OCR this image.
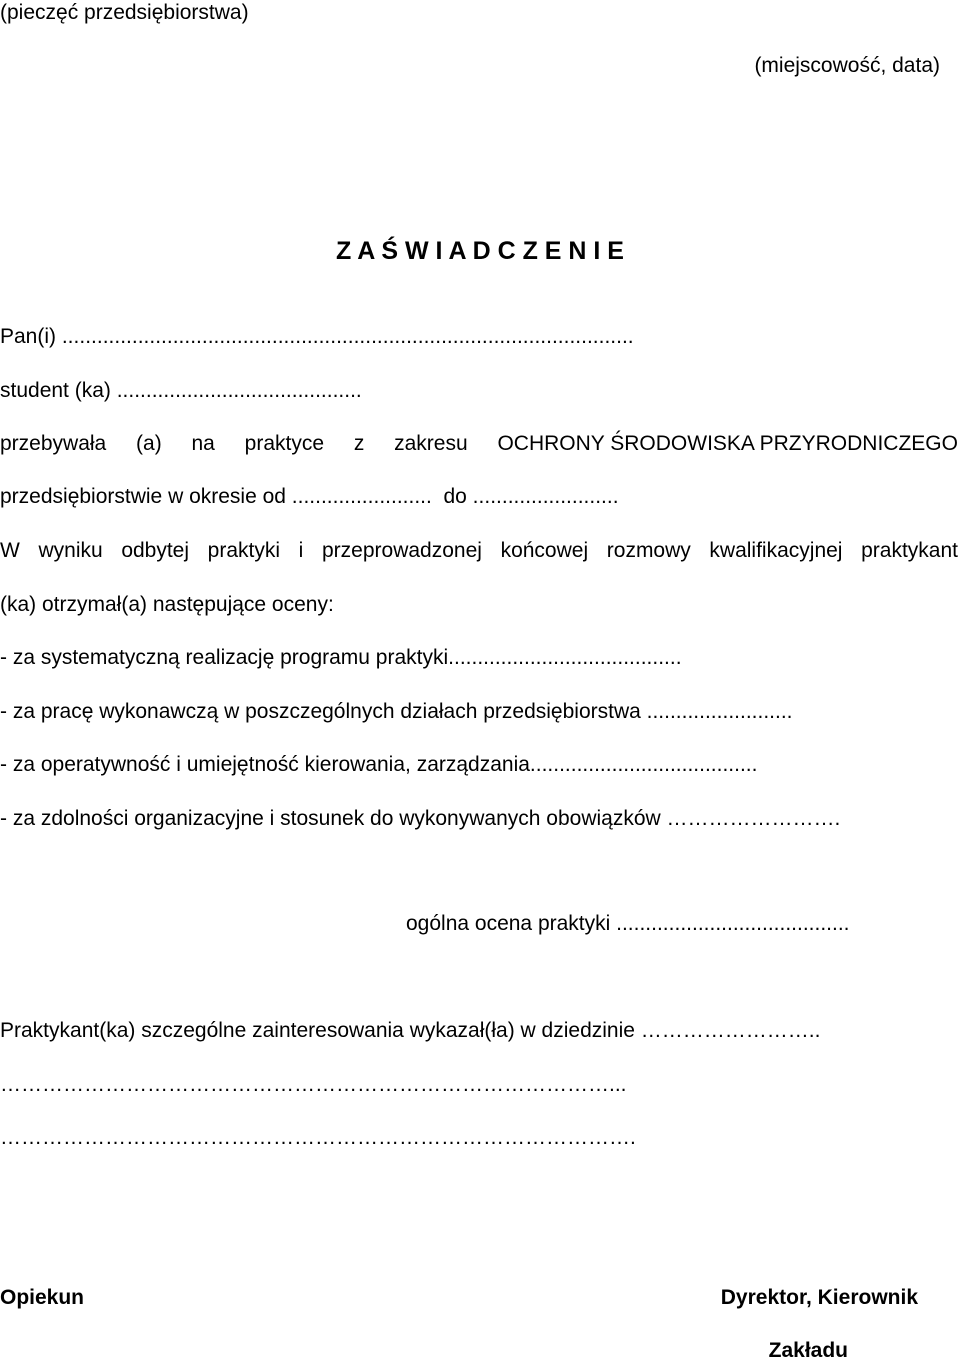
(pieczęć przedsiębiorstwa)
(miejscowość, data)
Z A Ś W I A D C Z E N I E
Pan(i) ..................................................................................................
student (ka) ..........................................
przebywała (a) na praktyce z zakresu OCHRONY ŚRODOWISKA PRZYRODNICZEGO
przedsiębiorstwie w okresie od ........................  do .........................
W wyniku odbytej praktyki i przeprowadzonej końcowej rozmowy kwalifikacyjnej praktykant
(ka) otrzymał(a) następujące oceny:
- za systematyczną realizację programu praktyki........................................
- za pracę wykonawczą w poszczególnych działach przedsiębiorstwa .........................
- za operatywność i umiejętność kierowania, zarządzania.......................................
- za zdolności organizacyjne i stosunek do wykonywanych obowiązków …………………….
ogólna ocena praktyki ........................................
Praktykant(ka) szczególne zainteresowania wykazał(ła) w dziedzinie ……………………..
……………………………………………………………………………...
……………………………………………………………………………….
Opiekun	Dyrektor, Kierownik
Zakładu
